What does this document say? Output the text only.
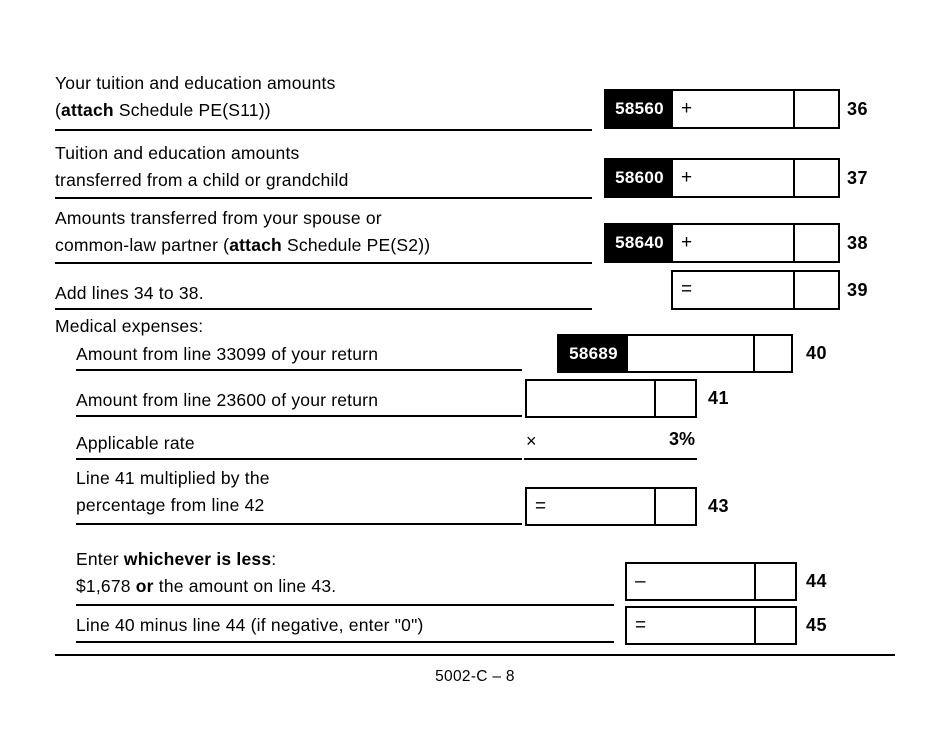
Your tuition and education amounts
(attach Schedule PE(S11))	58560 +	36
Tuition and education amounts
transferred from a child or grandchild	58600 +	37
Amounts transferred from your spouse or
common-law partner (attach Schedule PE(S2))	58640 +	38
Add lines 34 to 38.	=	39
Medical expenses:
Amount from line 33099 of your return	58689	40
Amount from line 23600 of your return	41
Applicable rate	×	3%
Line 41 multiplied by the
percentage from line 42	=	43
Enter whichever is less:
$1,678 or the amount on line 43.	–	44
Line 40 minus line 44 (if negative, enter "0")	=	45
5002-C – 8
